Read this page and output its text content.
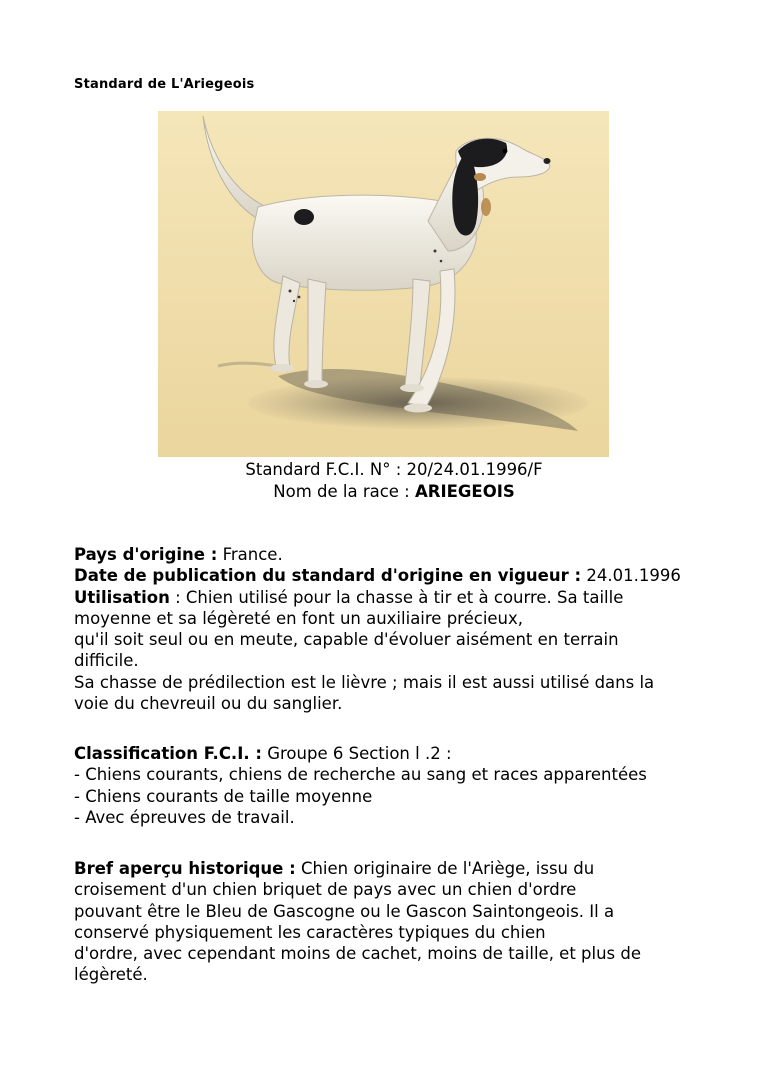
Standard de L'Ariegeois
Standard F.C.I. N° : 20/24.01.1996/F
Nom de la race : ARIEGEOIS

Pays d'origine : France.

Date de publication du standard d'origine en vigueur : 24.01.1996

Utilisation : Chien utilisé pour la chasse à tir et à courre. Sa taille

moyenne et sa légèreté en font un auxiliaire précieux,

qu'il soit seul ou en meute, capable d'évoluer aisément en terrain

difficile.

Sa chasse de prédilection est le lièvre ; mais il est aussi utilisé dans la

voie du chevreuil ou du sanglier.

Classification F.C.I. : Groupe 6 Section l .2 :

- Chiens courants, chiens de recherche au sang et races apparentées

- Chiens courants de taille moyenne

- Avec épreuves de travail.

Bref aperçu historique : Chien originaire de l'Ariège, issu du

croisement d'un chien briquet de pays avec un chien d'ordre

pouvant être le Bleu de Gascogne ou le Gascon Saintongeois. Il a

conservé physiquement les caractères typiques du chien

d'ordre, avec cependant moins de cachet, moins de taille, et plus de

légèreté.
